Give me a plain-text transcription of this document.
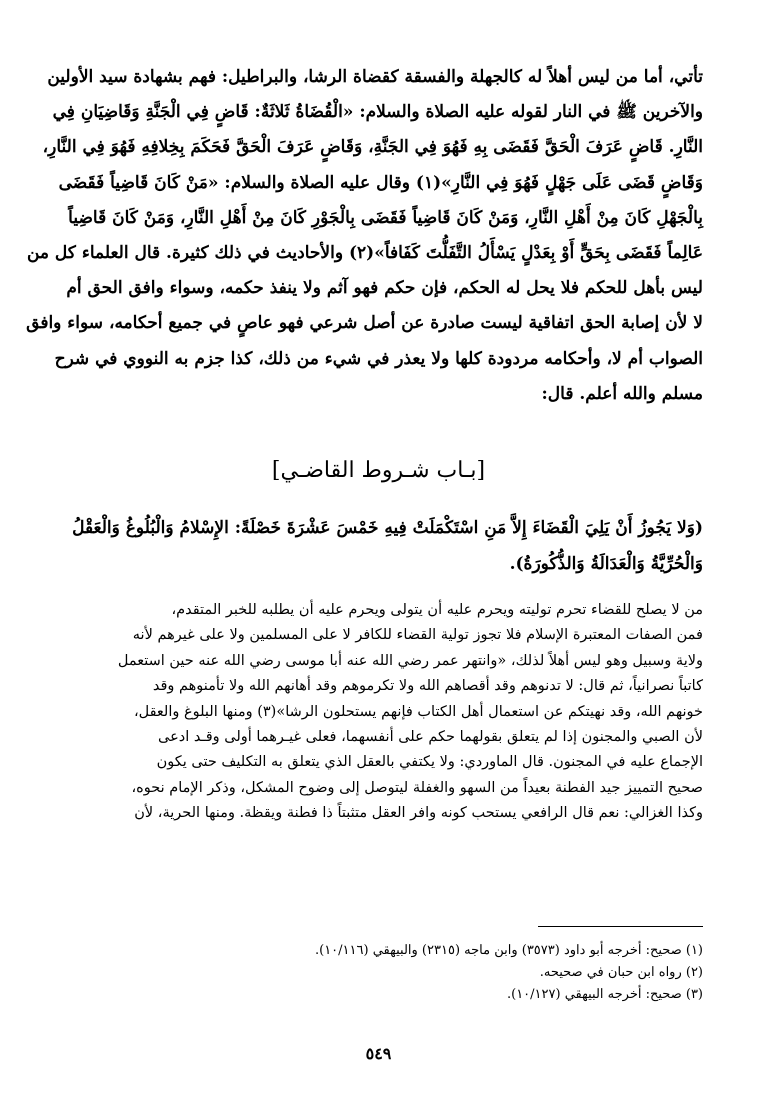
تأتي، أما من ليس أهلاً له كالجهلة والفسقة كقضاة الرشا، والبراطيل: فهم بشهادة سيد الأولين
والآخرين ﷺ في النار لقوله عليه الصلاة والسلام: «الْقُضَاةُ ثَلاثَةٌ: قَاضٍ فِي الْجَنَّةِ وَقَاضِيَانِ فِي
النَّارِ. قَاضٍ عَرَفَ الْحَقَّ فَقَضَى بِهِ فَهُوَ فِي الجَنَّةِ، وَقَاضٍ عَرَفَ الْحَقَّ فَحَكَمَ بِخِلافِهِ فَهُوَ فِي النَّارِ،
وَقَاضٍ قَضَى عَلَى جَهْلٍ فَهُوَ فِي النَّارِ»(١) وقال عليه الصلاة والسلام: «مَنْ كَانَ قَاضِياً فَقَضَى
بِالْجَهْلِ كَانَ مِنْ أَهْلِ النَّارِ، وَمَنْ كَانَ قَاضِياً فَقَضَى بِالْجَوْرِ كَانَ مِنْ أَهْلِ النَّارِ، وَمَنْ كَانَ قَاضِياً
عَالِماً فَقَضَى بِحَقٍّ أَوْ بِعَدْلٍ يَسْأَلُ التَّفَلُّتَ كَفَافاً»(٢) والأحاديث في ذلك كثيرة. قال العلماء كل من
ليس بأهل للحكم فلا يحل له الحكم، فإن حكم فهو آثم ولا ينفذ حكمه، وسواء وافق الحق أم
لا لأن إصابة الحق اتفاقية ليست صادرة عن أصل شرعي فهو عاصٍ في جميع أحكامه، سواء وافق
الصواب أم لا، وأحكامه مردودة كلها ولا يعذر في شيء من ذلك، كذا جزم به النووي في شرح
مسلم والله أعلم. قال:
[بـاب شـروط القاضـي]
(وَلا يَجُوزُ أَنْ يَلِيَ الْقَضَاءَ إِلاَّ مَنِ اسْتَكْمَلَتْ فِيهِ خَمْسَ عَشْرَةَ خَصْلَةً: الإِسْلامُ وَالْبُلُوغُ وَالْعَقْلُ
وَالْحُرِّيَّةُ وَالْعَدَالَةُ وَالذُّكُورَةُ).
من لا يصلح للقضاء تحرم توليته ويحرم عليه أن يتولى ويحرم عليه أن يطلبه للخبر المتقدم،
فمن الصفات المعتبرة الإسلام فلا تجوز تولية القضاء للكافر لا على المسلمين ولا على غيرهم لأنه
ولاية وسبيل وهو ليس أهلاً لذلك، «وانتهر عمر رضي الله عنه أبا موسى رضي الله عنه حين استعمل
كاتباً نصرانياً، ثم قال: لا تدنوهم وقد أقصاهم الله ولا تكرموهم وقد أهانهم الله ولا تأمنوهم وقد
خونهم الله، وقد نهيتكم عن استعمال أهل الكتاب فإنهم يستحلون الرشا»(٣) ومنها البلوغ والعقل،
لأن الصبي والمجنون إذا لم يتعلق بقولهما حكم على أنفسهما، فعلى غيـرهما أولى وقـد ادعى
الإجماع عليه في المجنون. قال الماوردي: ولا يكتفي بالعقل الذي يتعلق به التكليف حتى يكون
صحيح التمييز جيد الفطنة بعيداً من السهو والغفلة ليتوصل إلى وضوح المشكل، وذكر الإمام نحوه،
وكذا الغزالي: نعم قال الرافعي يستحب كونه وافر العقل متثبتاً ذا فطنة ويقظة. ومنها الحرية، لأن
(١) صحيح: أخرجه أبو داود (٣٥٧٣) وابن ماجه (٢٣١٥) والبيهقي (١٠/١١٦).
(٢) رواه ابن حبان في صحيحه.
(٣) صحيح: أخرجه البيهقي (١٠/١٢٧).
٥٤٩
